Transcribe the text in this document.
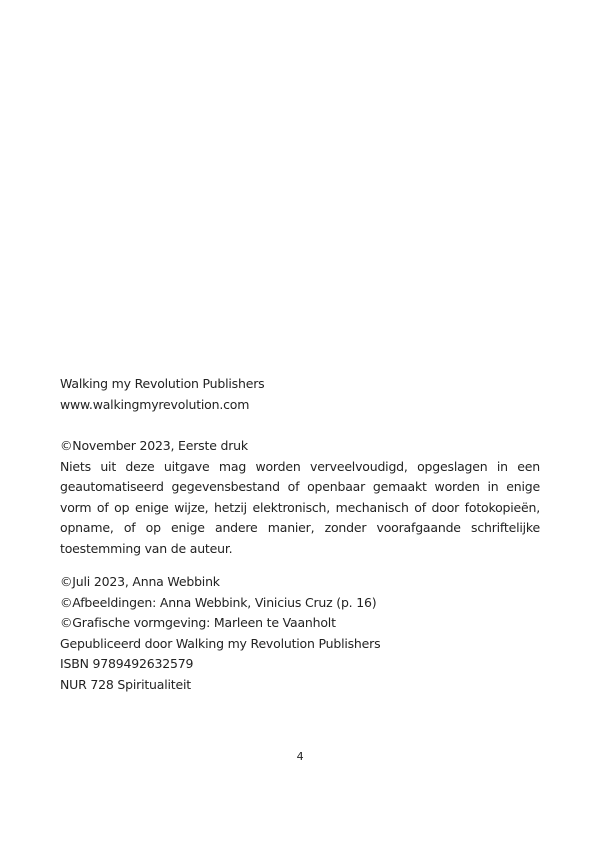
Walking my Revolution Publishers

www.walkingmyrevolution.com

©November 2023, Eerste druk

Niets uit deze uitgave mag worden verveelvoudigd, opgeslagen in een geautomatiseerd gegevensbestand of openbaar gemaakt worden in enige vorm of op enige wijze, hetzij elektronisch, mechanisch of door fotokopieën, opname, of op enige andere manier, zonder voorafgaande schriftelijke toestemming van de auteur.

©Juli 2023, Anna Webbink

©Afbeeldingen: Anna Webbink, Vinicius Cruz (p. 16)

©Grafische vormgeving: Marleen te Vaanholt

Gepubliceerd door Walking my Revolution Publishers

ISBN 9789492632579

NUR 728 Spiritualiteit

4
